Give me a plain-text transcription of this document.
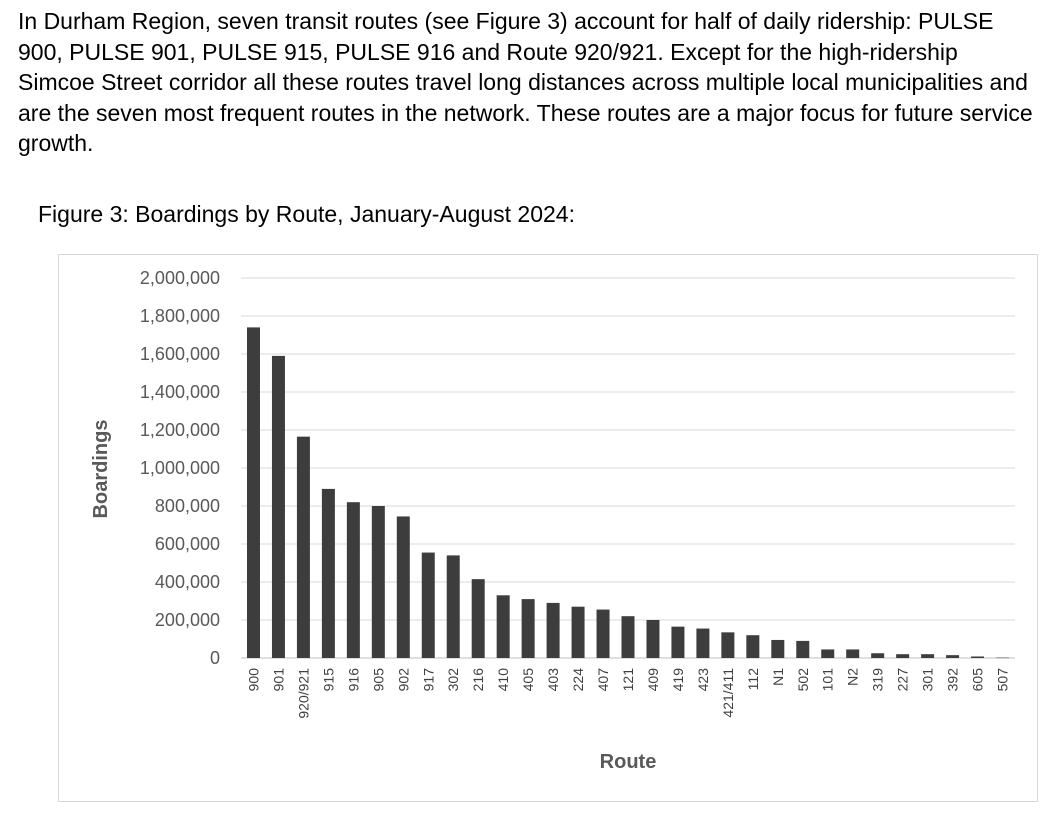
In Durham Region, seven transit routes (see Figure 3) account for half of daily ridership: PULSE 900, PULSE 901, PULSE 915, PULSE 916 and Route 920/921. Except for the high-ridership Simcoe Street corridor all these routes travel long distances across multiple local municipalities and are the seven most frequent routes in the network. These routes are a major focus for future service growth.

Figure 3: Boardings by Route, January-August 2024:

0
200,000
400,000
600,000
800,000
1,000,000
1,200,000
1,400,000
1,600,000
1,800,000
2,000,000
900 901 920/921 915 916 905 902 917 302 216 410 405 403 224 407 121 409 419 423 421/411 112 N1 502 101 N2 319 227 301 392 605 507
Boardings
Route
